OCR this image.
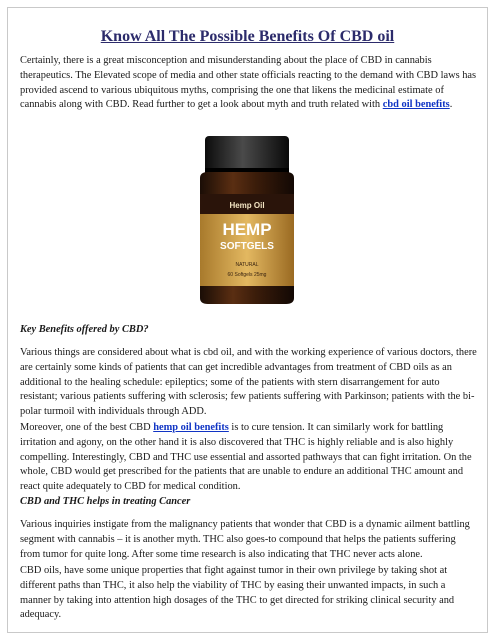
Know All The Possible Benefits Of CBD oil

Certainly, there is a great misconception and misunderstanding about the place of CBD in cannabis therapeutics. The Elevated scope of media and other state officials reacting to the demand with CBD laws has provided ascend to various ubiquitous myths, comprising the one that likens the medicinal estimate of cannabis along with CBD. Read further to get a look about myth and truth related with cbd oil benefits.

Hemp Oil
HEMP
SOFTGELS
NATURAL
60 Softgels 25mg

Key Benefits offered by CBD?

Various things are considered about what is cbd oil, and with the working experience of various doctors, there are certainly some kinds of patients that can get incredible advantages from treatment of CBD oils as an additional to the healing schedule: epileptics; some of the patients with stern disarrangement for auto resistant; various patients suffering with sclerosis; few patients suffering with Parkinson; patients with the bi-polar turmoil with individuals through ADD.

Moreover, one of the best CBD hemp oil benefits is to cure tension. It can similarly work for battling irritation and agony, on the other hand it is also discovered that THC is highly reliable and is also highly compelling. Interestingly, CBD and THC use essential and assorted pathways that can fight irritation. On the whole, CBD would get prescribed for the patients that are unable to endure an additional THC amount and react quite adequately to CBD for medical condition.

CBD and THC helps in treating Cancer

Various inquiries instigate from the malignancy patients that wonder that CBD is a dynamic ailment battling segment with cannabis – it is another myth. THC also goes-to compound that helps the patients suffering from tumor for quite long. After some time research is also indicating that THC never acts alone.

CBD oils, have some unique properties that fight against tumor in their own privilege by taking shot at different paths than THC, it also help the viability of THC by easing their unwanted impacts, in such a manner by taking into attention high dosages of the THC to get directed for striking clinical security and adequacy.
